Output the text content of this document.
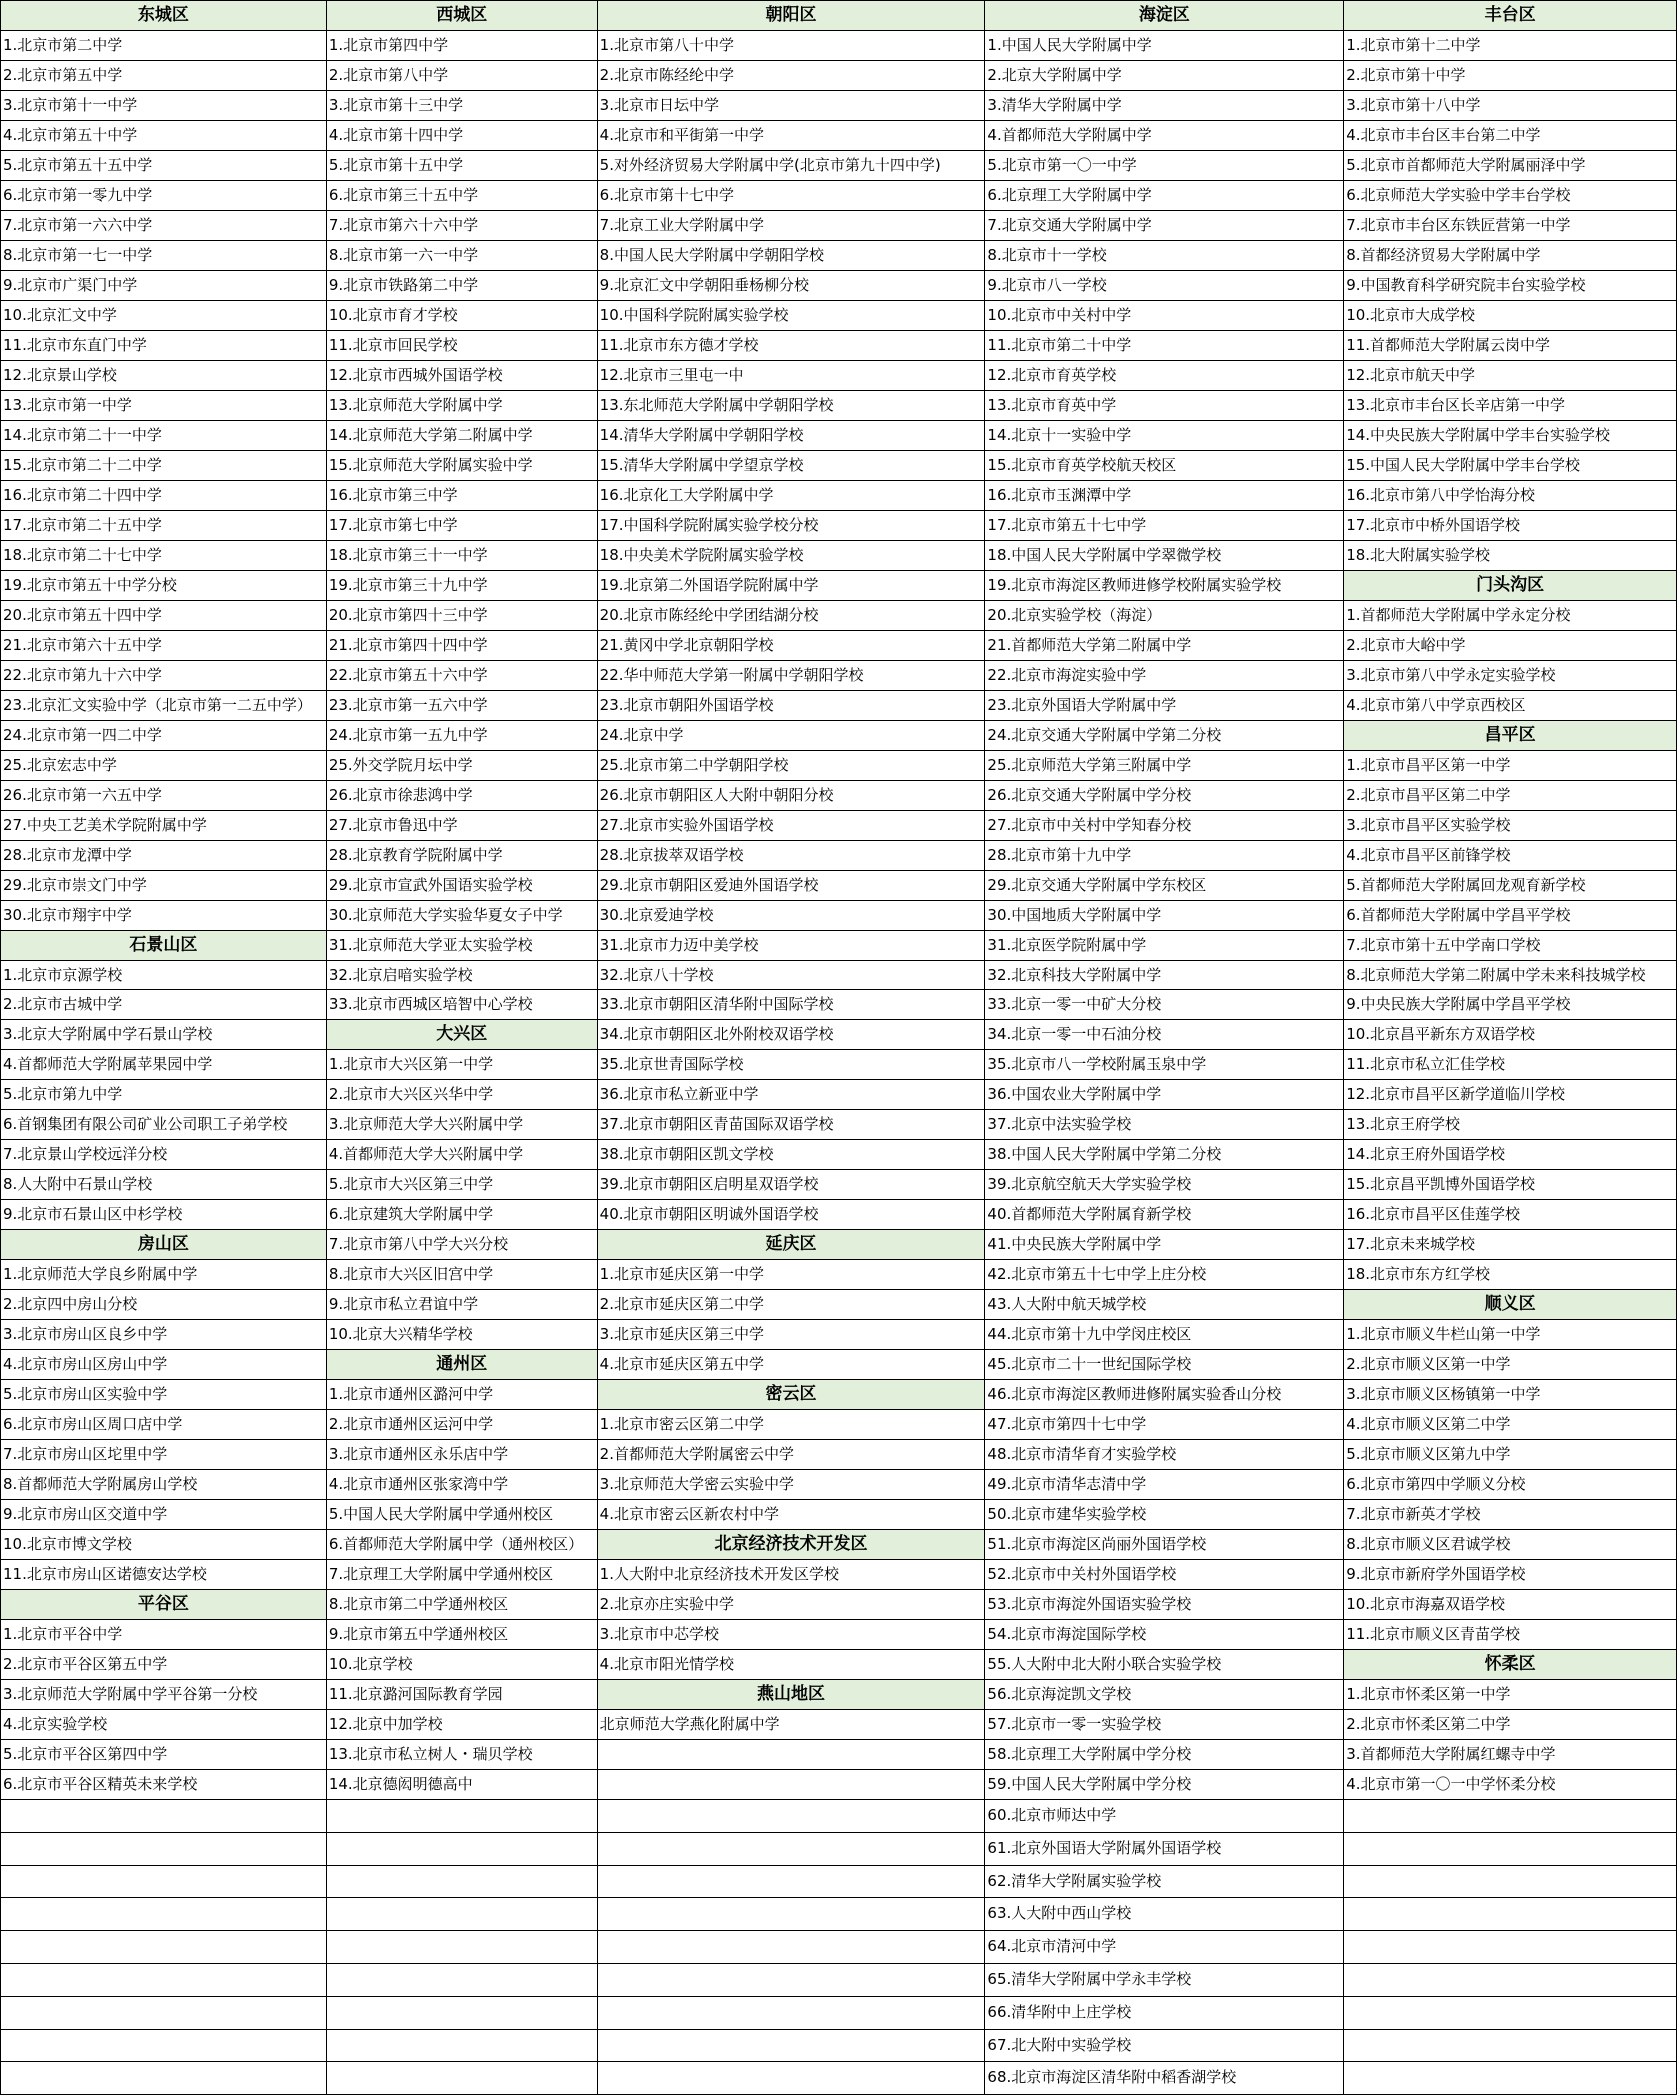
东城区
1.北京市第二中学
2.北京市第五中学
3.北京市第十一中学
4.北京市第五十中学
5.北京市第五十五中学
6.北京市第一零九中学
7.北京市第一六六中学
8.北京市第一七一中学
9.北京市广渠门中学
10.北京汇文中学
11.北京市东直门中学
12.北京景山学校
13.北京市第一中学
14.北京市第二十一中学
15.北京市第二十二中学
16.北京市第二十四中学
17.北京市第二十五中学
18.北京市第二十七中学
19.北京市第五十中学分校
20.北京市第五十四中学
21.北京市第六十五中学
22.北京市第九十六中学
23.北京汇文实验中学（北京市第一二五中学）
24.北京市第一四二中学
25.北京宏志中学
26.北京市第一六五中学
27.中央工艺美术学院附属中学
28.北京市龙潭中学
29.北京市崇文门中学
30.北京市翔宇中学
石景山区
1.北京市京源学校
2.北京市古城中学
3.北京大学附属中学石景山学校
4.首都师范大学附属苹果园中学
5.北京市第九中学
6.首钢集团有限公司矿业公司职工子弟学校
7.北京景山学校远洋分校
8.人大附中石景山学校
9.北京市石景山区中杉学校
房山区
1.北京师范大学良乡附属中学
2.北京四中房山分校
3.北京市房山区良乡中学
4.北京市房山区房山中学
5.北京市房山区实验中学
6.北京市房山区周口店中学
7.北京市房山区坨里中学
8.首都师范大学附属房山学校
9.北京市房山区交道中学
10.北京市博文学校
11.北京市房山区诺德安达学校
平谷区
1.北京市平谷中学
2.北京市平谷区第五中学
3.北京师范大学附属中学平谷第一分校
4.北京实验学校
5.北京市平谷区第四中学
6.北京市平谷区精英未来学校
西城区
1.北京市第四中学
2.北京市第八中学
3.北京市第十三中学
4.北京市第十四中学
5.北京市第十五中学
6.北京市第三十五中学
7.北京市第六十六中学
8.北京市第一六一中学
9.北京市铁路第二中学
10.北京市育才学校
11.北京市回民学校
12.北京市西城外国语学校
13.北京师范大学附属中学
14.北京师范大学第二附属中学
15.北京师范大学附属实验中学
16.北京市第三中学
17.北京市第七中学
18.北京市第三十一中学
19.北京市第三十九中学
20.北京市第四十三中学
21.北京市第四十四中学
22.北京市第五十六中学
23.北京市第一五六中学
24.北京市第一五九中学
25.外交学院月坛中学
26.北京市徐悲鸿中学
27.北京市鲁迅中学
28.北京教育学院附属中学
29.北京市宣武外国语实验学校
30.北京师范大学实验华夏女子中学
31.北京师范大学亚太实验学校
32.北京启喑实验学校
33.北京市西城区培智中心学校
大兴区
1.北京市大兴区第一中学
2.北京市大兴区兴华中学
3.北京师范大学大兴附属中学
4.首都师范大学大兴附属中学
5.北京市大兴区第三中学
6.北京建筑大学附属中学
7.北京市第八中学大兴分校
8.北京市大兴区旧宫中学
9.北京市私立君谊中学
10.北京大兴精华学校
通州区
1.北京市通州区潞河中学
2.北京市通州区运河中学
3.北京市通州区永乐店中学
4.北京市通州区张家湾中学
5.中国人民大学附属中学通州校区
6.首都师范大学附属中学（通州校区）
7.北京理工大学附属中学通州校区
8.北京市第二中学通州校区
9.北京市第五中学通州校区
10.北京学校
11.北京潞河国际教育学园
12.北京中加学校
13.北京市私立树人・瑞贝学校
14.北京德闳明德高中
朝阳区
1.北京市第八十中学
2.北京市陈经纶中学
3.北京市日坛中学
4.北京市和平街第一中学
5.对外经济贸易大学附属中学(北京市第九十四中学)
6.北京市第十七中学
7.北京工业大学附属中学
8.中国人民大学附属中学朝阳学校
9.北京汇文中学朝阳垂杨柳分校
10.中国科学院附属实验学校
11.北京市东方德才学校
12.北京市三里屯一中
13.东北师范大学附属中学朝阳学校
14.清华大学附属中学朝阳学校
15.清华大学附属中学望京学校
16.北京化工大学附属中学
17.中国科学院附属实验学校分校
18.中央美术学院附属实验学校
19.北京第二外国语学院附属中学
20.北京市陈经纶中学团结湖分校
21.黄冈中学北京朝阳学校
22.华中师范大学第一附属中学朝阳学校
23.北京市朝阳外国语学校
24.北京中学
25.北京市第二中学朝阳学校
26.北京市朝阳区人大附中朝阳分校
27.北京市实验外国语学校
28.北京拔萃双语学校
29.北京市朝阳区爱迪外国语学校
30.北京爱迪学校
31.北京市力迈中美学校
32.北京八十学校
33.北京市朝阳区清华附中国际学校
34.北京市朝阳区北外附校双语学校
35.北京世青国际学校
36.北京市私立新亚中学
37.北京市朝阳区青苗国际双语学校
38.北京市朝阳区凯文学校
39.北京市朝阳区启明星双语学校
40.北京市朝阳区明诚外国语学校
延庆区
1.北京市延庆区第一中学
2.北京市延庆区第二中学
3.北京市延庆区第三中学
4.北京市延庆区第五中学
密云区
1.北京市密云区第二中学
2.首都师范大学附属密云中学
3.北京师范大学密云实验中学
4.北京市密云区新农村中学
北京经济技术开发区
1.人大附中北京经济技术开发区学校
2.北京亦庄实验中学
3.北京市中芯学校
4.北京市阳光情学校
燕山地区
北京师范大学燕化附属中学
海淀区
1.中国人民大学附属中学
2.北京大学附属中学
3.清华大学附属中学
4.首都师范大学附属中学
5.北京市第一〇一中学
6.北京理工大学附属中学
7.北京交通大学附属中学
8.北京市十一学校
9.北京市八一学校
10.北京市中关村中学
11.北京市第二十中学
12.北京市育英学校
13.北京市育英中学
14.北京十一实验中学
15.北京市育英学校航天校区
16.北京市玉渊潭中学
17.北京市第五十七中学
18.中国人民大学附属中学翠微学校
19.北京市海淀区教师进修学校附属实验学校
20.北京实验学校（海淀）
21.首都师范大学第二附属中学
22.北京市海淀实验中学
23.北京外国语大学附属中学
24.北京交通大学附属中学第二分校
25.北京师范大学第三附属中学
26.北京交通大学附属中学分校
27.北京市中关村中学知春分校
28.北京市第十九中学
29.北京交通大学附属中学东校区
30.中国地质大学附属中学
31.北京医学院附属中学
32.北京科技大学附属中学
33.北京一零一中矿大分校
34.北京一零一中石油分校
35.北京市八一学校附属玉泉中学
36.中国农业大学附属中学
37.北京中法实验学校
38.中国人民大学附属中学第二分校
39.北京航空航天大学实验学校
40.首都师范大学附属育新学校
41.中央民族大学附属中学
42.北京市第五十七中学上庄分校
43.人大附中航天城学校
44.北京市第十九中学闵庄校区
45.北京市二十一世纪国际学校
46.北京市海淀区教师进修附属实验香山分校
47.北京市第四十七中学
48.北京市清华育才实验学校
49.北京市清华志清中学
50.北京市建华实验学校
51.北京市海淀区尚丽外国语学校
52.北京市中关村外国语学校
53.北京市海淀外国语实验学校
54.北京市海淀国际学校
55.人大附中北大附小联合实验学校
56.北京海淀凯文学校
57.北京市一零一实验学校
58.北京理工大学附属中学分校
59.中国人民大学附属中学分校
60.北京市师达中学
61.北京外国语大学附属外国语学校
62.清华大学附属实验学校
63.人大附中西山学校
64.北京市清河中学
65.清华大学附属中学永丰学校
66.清华附中上庄学校
67.北大附中实验学校
68.北京市海淀区清华附中稻香湖学校
丰台区
1.北京市第十二中学
2.北京市第十中学
3.北京市第十八中学
4.北京市丰台区丰台第二中学
5.北京市首都师范大学附属丽泽中学
6.北京师范大学实验中学丰台学校
7.北京市丰台区东铁匠营第一中学
8.首都经济贸易大学附属中学
9.中国教育科学研究院丰台实验学校
10.北京市大成学校
11.首都师范大学附属云岗中学
12.北京市航天中学
13.北京市丰台区长辛店第一中学
14.中央民族大学附属中学丰台实验学校
15.中国人民大学附属中学丰台学校
16.北京市第八中学怡海分校
17.北京市中桥外国语学校
18.北大附属实验学校
门头沟区
1.首都师范大学附属中学永定分校
2.北京市大峪中学
3.北京市第八中学永定实验学校
4.北京市第八中学京西校区
昌平区
1.北京市昌平区第一中学
2.北京市昌平区第二中学
3.北京市昌平区实验学校
4.北京市昌平区前锋学校
5.首都师范大学附属回龙观育新学校
6.首都师范大学附属中学昌平学校
7.北京市第十五中学南口学校
8.北京师范大学第二附属中学未来科技城学校
9.中央民族大学附属中学昌平学校
10.北京昌平新东方双语学校
11.北京市私立汇佳学校
12.北京市昌平区新学道临川学校
13.北京王府学校
14.北京王府外国语学校
15.北京昌平凯博外国语学校
16.北京市昌平区佳莲学校
17.北京未来城学校
18.北京市东方红学校
顺义区
1.北京市顺义牛栏山第一中学
2.北京市顺义区第一中学
3.北京市顺义区杨镇第一中学
4.北京市顺义区第二中学
5.北京市顺义区第九中学
6.北京市第四中学顺义分校
7.北京市新英才学校
8.北京市顺义区君诚学校
9.北京市新府学外国语学校
10.北京市海嘉双语学校
11.北京市顺义区青苗学校
怀柔区
1.北京市怀柔区第一中学
2.北京市怀柔区第二中学
3.首都师范大学附属红螺寺中学
4.北京市第一〇一中学怀柔分校
